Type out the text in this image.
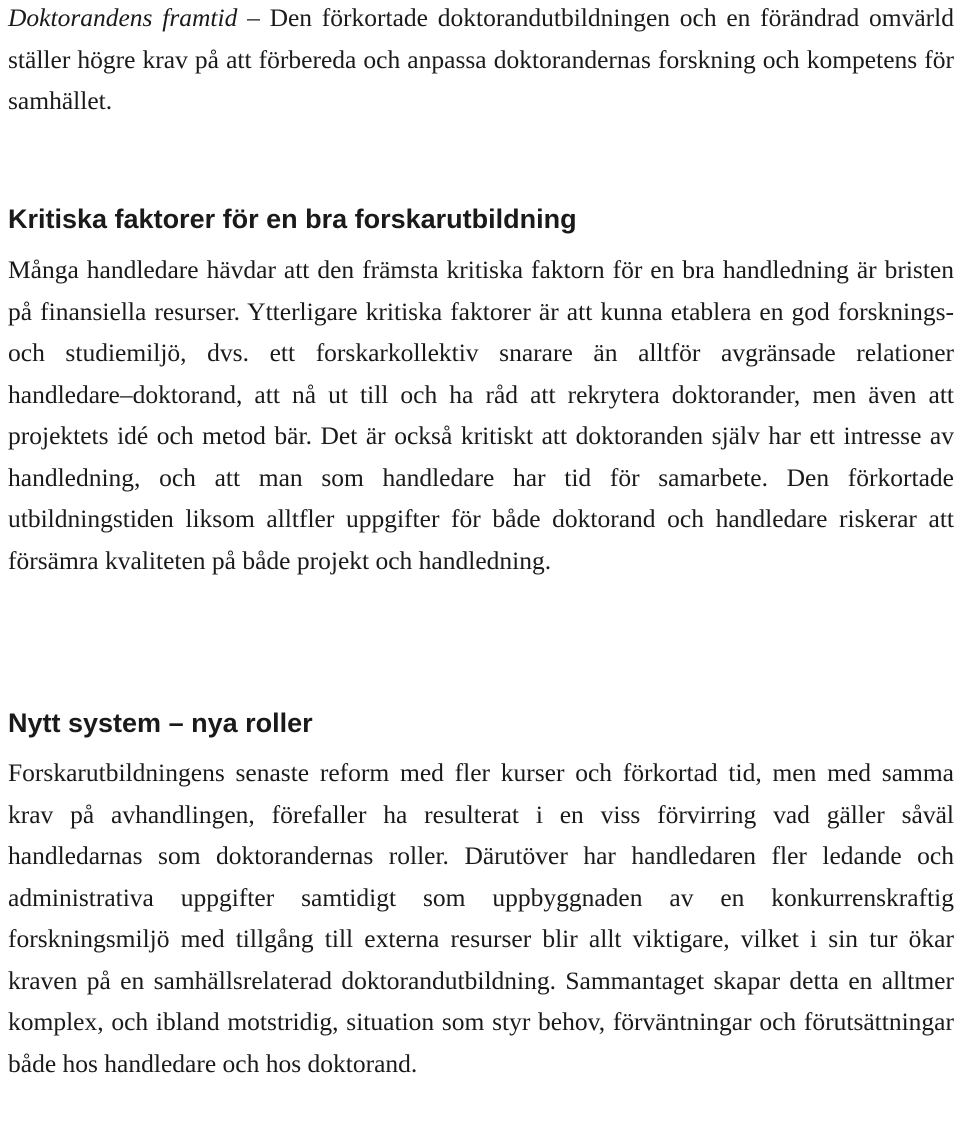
Doktorandens framtid – Den förkortade doktorandutbildningen och en förändrad omvärld ställer högre krav på att förbereda och anpassa doktorandernas forskning och kompetens för samhället.

Kritiska faktorer för en bra forskarutbildning

Många handledare hävdar att den främsta kritiska faktorn för en bra handledning är bristen på finansiella resurser. Ytterligare kritiska faktorer är att kunna etablera en god forsknings- och studiemiljö, dvs. ett forskarkollektiv snarare än alltför avgränsade relationer handledare–doktorand, att nå ut till och ha råd att rekrytera doktorander, men även att projektets idé och metod bär. Det är också kritiskt att doktoranden själv har ett intresse av handledning, och att man som handledare har tid för samarbete. Den förkortade utbildningstiden liksom alltfler uppgifter för både doktorand och handledare riskerar att försämra kvaliteten på både projekt och handledning.

Nytt system – nya roller

Forskarutbildningens senaste reform med fler kurser och förkortad tid, men med samma krav på avhandlingen, förefaller ha resulterat i en viss förvirring vad gäller såväl handledarnas som doktorandernas roller. Därutöver har handledaren fler ledande och administrativa uppgifter samtidigt som uppbyggnaden av en konkurrenskraftig forskningsmiljö med tillgång till externa resurser blir allt viktigare, vilket i sin tur ökar kraven på en samhällsrelaterad doktorandutbildning. Sammantaget skapar detta en alltmer komplex, och ibland motstridig, situation som styr behov, förväntningar och förutsättningar både hos handledare och hos doktorand.
